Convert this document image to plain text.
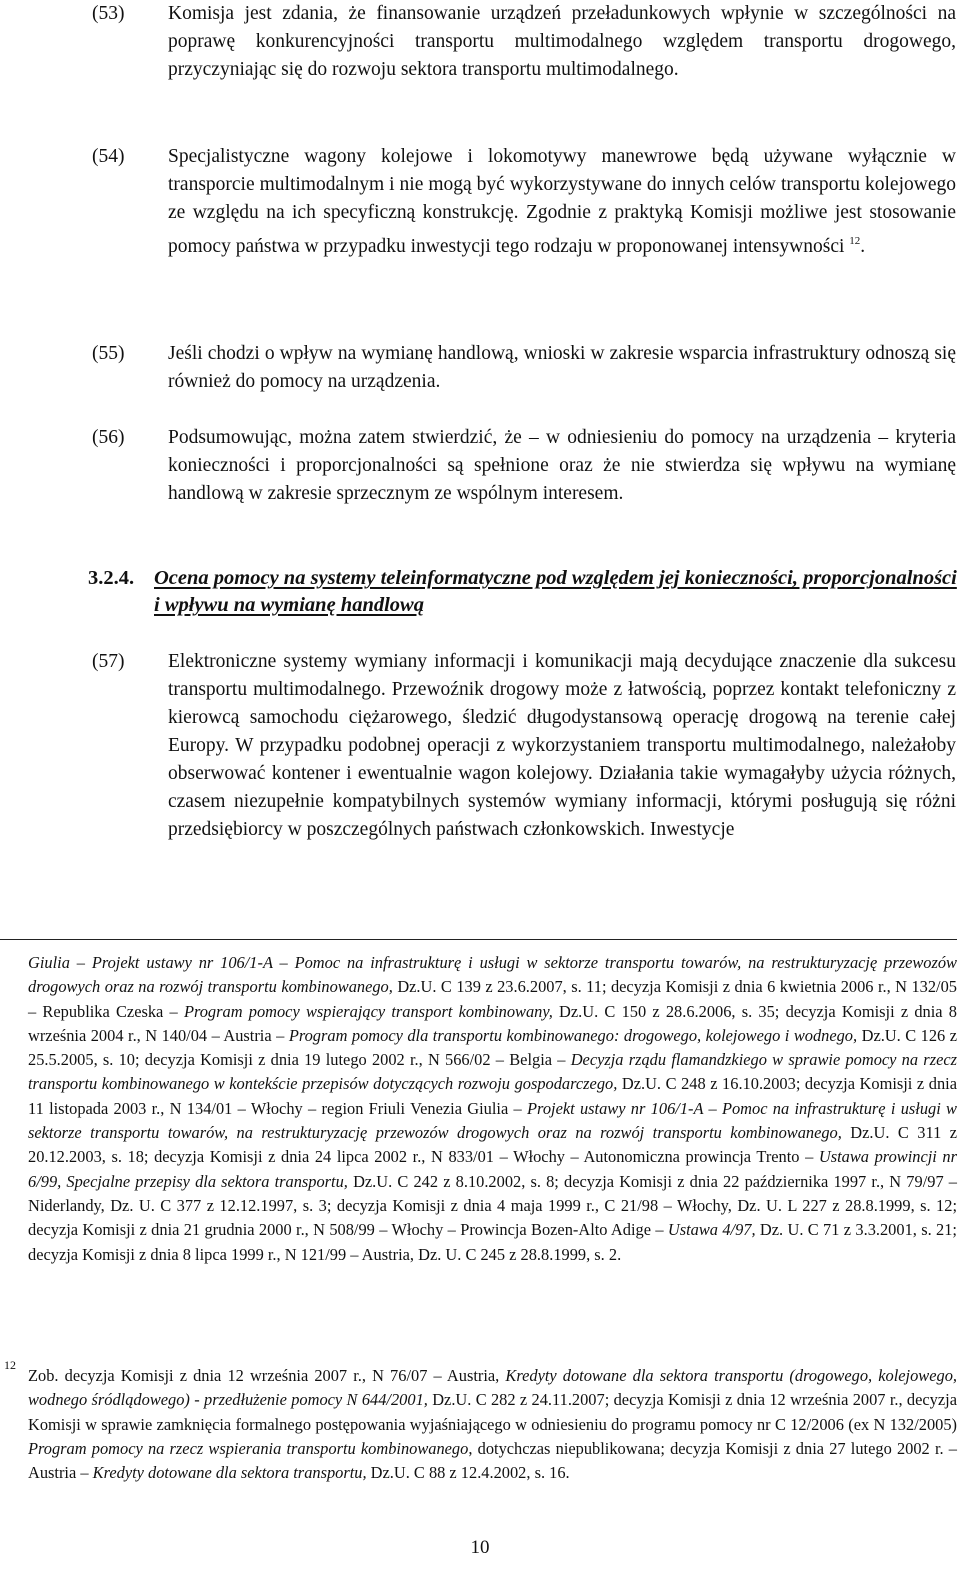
(53) Komisja jest zdania, że finansowanie urządzeń przeładunkowych wpłynie w szczególności na poprawę konkurencyjności transportu multimodalnego względem transportu drogowego, przyczyniając się do rozwoju sektora transportu multimodalnego.
(54) Specjalistyczne wagony kolejowe i lokomotywy manewrowe będą używane wyłącznie w transporcie multimodalnym i nie mogą być wykorzystywane do innych celów transportu kolejowego ze względu na ich specyficzną konstrukcję. Zgodnie z praktyką Komisji możliwe jest stosowanie pomocy państwa w przypadku inwestycji tego rodzaju w proponowanej intensywności $^{12}$.
(55) Jeśli chodzi o wpływ na wymianę handlową, wnioski w zakresie wsparcia infrastruktury odnoszą się również do pomocy na urządzenia.
(56) Podsumowując, można zatem stwierdzić, że – w odniesieniu do pomocy na urządzenia – kryteria konieczności i proporcjonalności są spełnione oraz że nie stwierdza się wpływu na wymianę handlową w zakresie sprzecznym ze wspólnym interesem.
3.2.4. Ocena pomocy na systemy teleinformatyczne pod względem jej konieczności, proporcjonalności i wpływu na wymianę handlową
(57) Elektroniczne systemy wymiany informacji i komunikacji mają decydujące znaczenie dla sukcesu transportu multimodalnego. Przewoźnik drogowy może z łatwością, poprzez kontakt telefoniczny z kierowcą samochodu ciężarowego, śledzić długodystansową operację drogową na terenie całej Europy. W przypadku podobnej operacji z wykorzystaniem transportu multimodalnego, należałoby obserwować kontener i ewentualnie wagon kolejowy. Działania takie wymagałyby użycia różnych, czasem niezupełnie kompatybilnych systemów wymiany informacji, którymi posługują się różni przedsiębiorcy w poszczególnych państwach członkowskich. Inwestycje
Giulia – Projekt ustawy nr 106/1-A – Pomoc na infrastrukturę i usługi w sektorze transportu towarów, na restrukturyzację przewozów drogowych oraz na rozwój transportu kombinowanego, Dz.U. C 139 z 23.6.2007, s. 11; decyzja Komisji z dnia 6 kwietnia 2006 r., N 132/05 – Republika Czeska – Program pomocy wspierający transport kombinowany, Dz.U. C 150 z 28.6.2006, s. 35; decyzja Komisji z dnia 8 września 2004 r., N 140/04 – Austria – Program pomocy dla transportu kombinowanego: drogowego, kolejowego i wodnego, Dz.U. C 126 z 25.5.2005, s. 10; decyzja Komisji z dnia 19 lutego 2002 r., N 566/02 – Belgia – Decyzja rządu flamandzkiego w sprawie pomocy na rzecz transportu kombinowanego w kontekście przepisów dotyczących rozwoju gospodarczego, Dz.U. C 248 z 16.10.2003; decyzja Komisji z dnia 11 listopada 2003 r., N 134/01 – Włochy – region Friuli Venezia Giulia – Projekt ustawy nr 106/1-A – Pomoc na infrastrukturę i usługi w sektorze transportu towarów, na restrukturyzację przewozów drogowych oraz na rozwój transportu kombinowanego, Dz.U. C 311 z 20.12.2003, s. 18; decyzja Komisji z dnia 24 lipca 2002 r., N 833/01 – Włochy – Autonomiczna prowincja Trento – Ustawa prowincji nr 6/99, Specjalne przepisy dla sektora transportu, Dz.U. C 242 z 8.10.2002, s. 8; decyzja Komisji z dnia 22 października 1997 r., N 79/97 – Niderlandy, Dz. U. C 377 z 12.12.1997, s. 3; decyzja Komisji z dnia 4 maja 1999 r., C 21/98 – Włochy, Dz. U. L 227 z 28.8.1999, s. 12; decyzja Komisji z dnia 21 grudnia 2000 r., N 508/99 – Włochy – Prowincja Bozen-Alto Adige – Ustawa 4/97, Dz. U. C 71 z 3.3.2001, s. 21; decyzja Komisji z dnia 8 lipca 1999 r., N 121/99 – Austria, Dz. U. C 245 z 28.8.1999, s. 2.
12
Zob. decyzja Komisji z dnia 12 września 2007 r., N 76/07 – Austria, Kredyty dotowane dla sektora transportu (drogowego, kolejowego, wodnego śródlądowego) - przedłużenie pomocy N 644/2001, Dz.U. C 282 z 24.11.2007; decyzja Komisji z dnia 12 września 2007 r., decyzja Komisji w sprawie zamknięcia formalnego postępowania wyjaśniającego w odniesieniu do programu pomocy nr C 12/2006 (ex N 132/2005) Program pomocy na rzecz wspierania transportu kombinowanego, dotychczas niepublikowana; decyzja Komisji z dnia 27 lutego 2002 r. – Austria – Kredyty dotowane dla sektora transportu, Dz.U. C 88 z 12.4.2002, s. 16.
10
